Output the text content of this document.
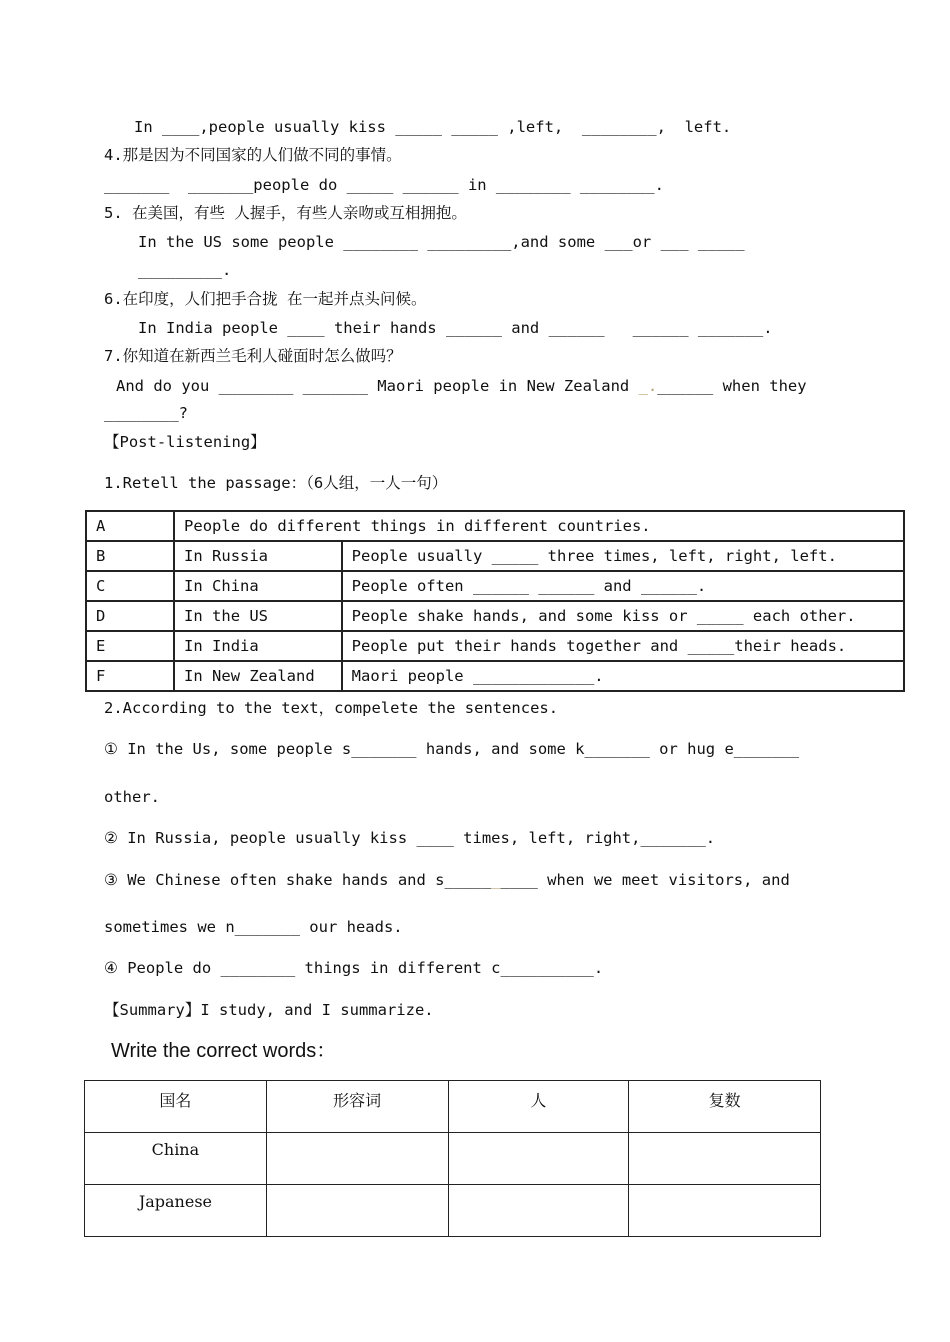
In ____,people usually kiss _____ _____ ,left,  ________,  left.
4.那是因为不同国家的人们做不同的事情。
_______  _______people do _____ ______ in ________ ________.
5. 在美国，有些 人握手，有些人亲吻或互相拥抱。
In the US some people ________ _________,and some ___or ___ _____
_________.
6.在印度，人们把手合拢 在一起并点头问候。
In India people ____ their hands ______ and ______   ______ _______.
7.你知道在新西兰毛利人碰面时怎么做吗？
And do you ________ _______ Maori people in New Zealand _.______ when they
________?
【Post-listening】
1.Retell the passage：（6人组，一人一句）
A	People do different things in different countries.	
B	In Russia	People usually _____ three times, left, right, left.
C	In China	People often ______ ______ and ______.
D	In the US	People shake hands, and some kiss or _____ each other.
E	In India	People put their hands together and _____their heads.
F	In New Zealand	Maori people _____________.
2.According to the text，compelete the sentences.
① In the Us, some people s_______ hands, and some k_______ or hug e_______
other.
② In Russia, people usually kiss ____ times, left, right,_______.
③ We Chinese often shake hands and s__________ when we meet visitors, and
sometimes we n_______ our heads.
④ People do ________ things in different c__________.
【Summary】I study, and I summarize.
Write the correct words：
国名	形容词	人	复数
China			
Japanese			
